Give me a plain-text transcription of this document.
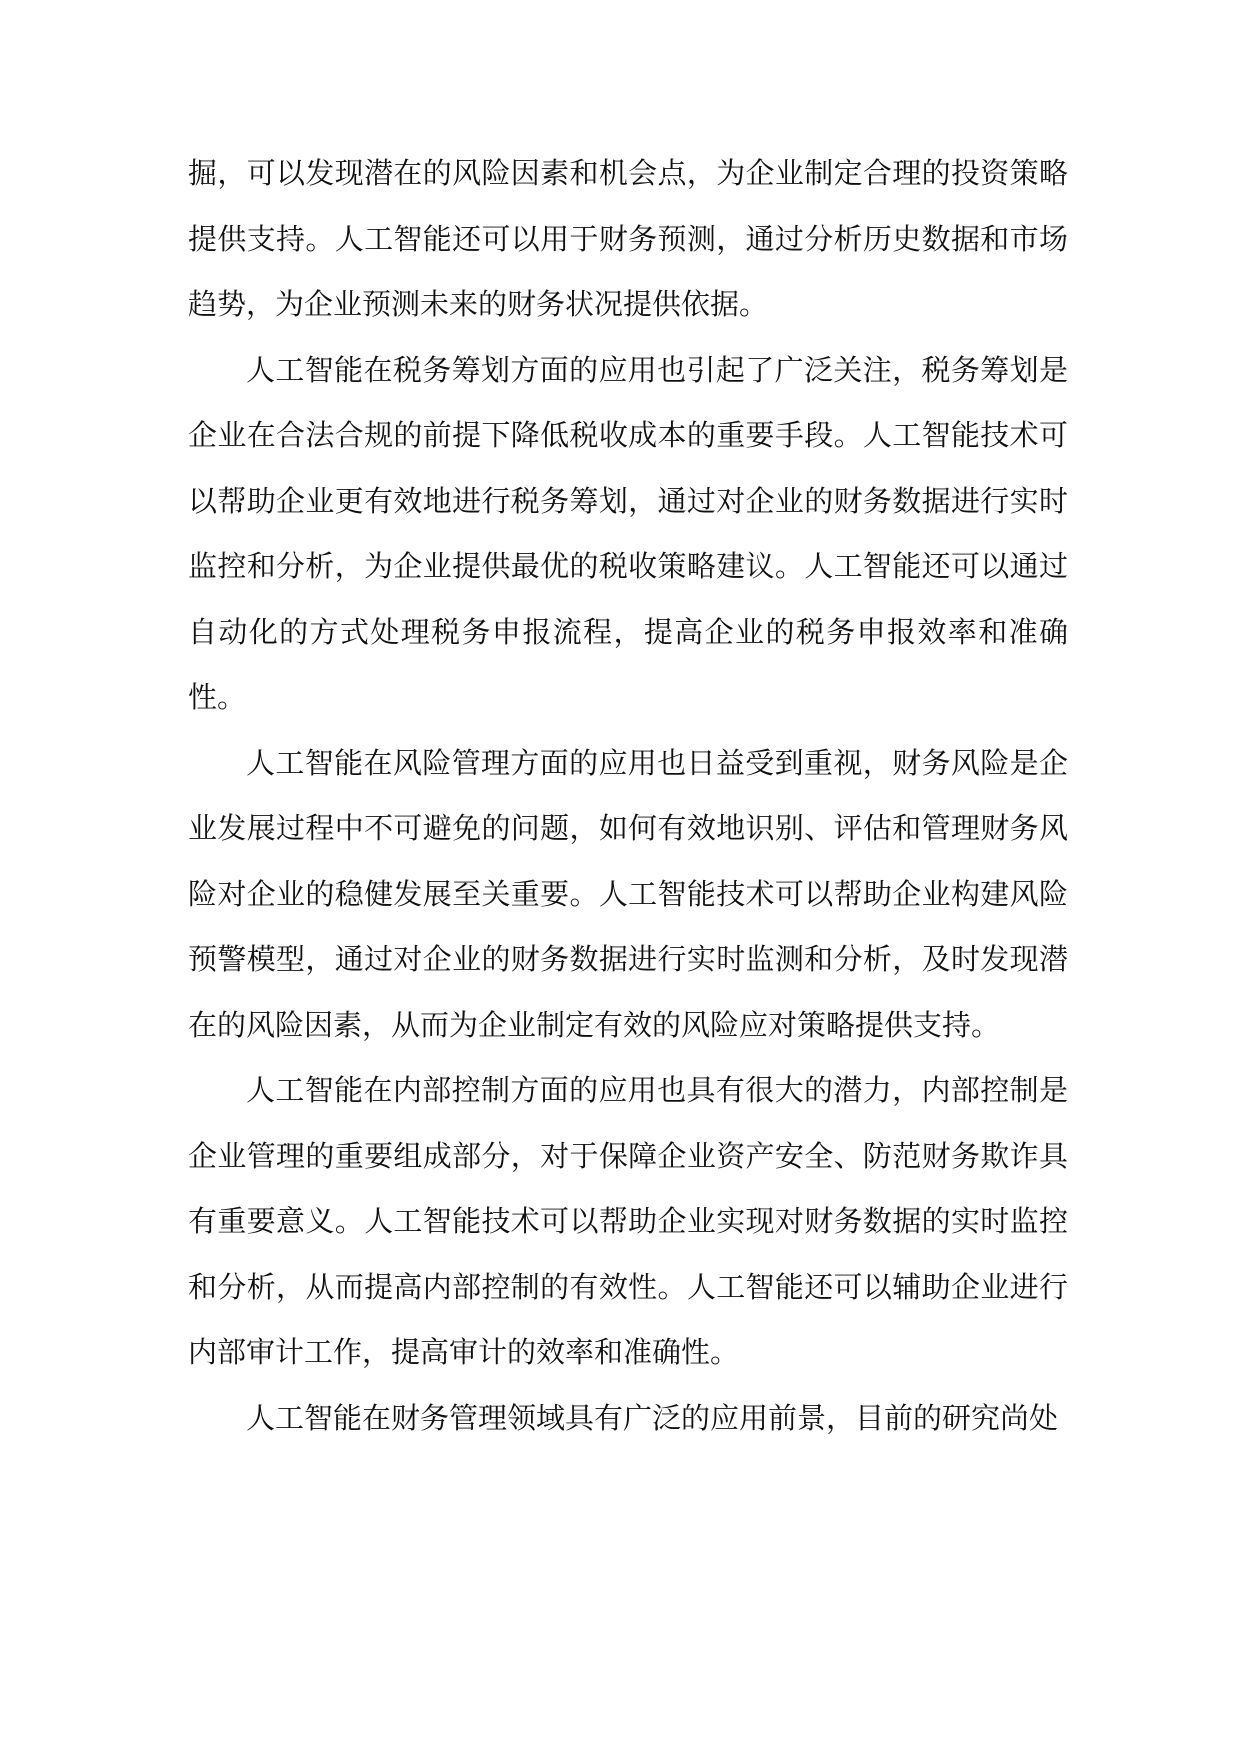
掘，可以发现潜在的风险因素和机会点，为企业制定合理的投资策略提供支持。人工智能还可以用于财务预测，通过分析历史数据和市场趋势，为企业预测未来的财务状况提供依据。

人工智能在税务筹划方面的应用也引起了广泛关注，税务筹划是企业在合法合规的前提下降低税收成本的重要手段。人工智能技术可以帮助企业更有效地进行税务筹划，通过对企业的财务数据进行实时监控和分析，为企业提供最优的税收策略建议。人工智能还可以通过自动化的方式处理税务申报流程，提高企业的税务申报效率和准确性。

人工智能在风险管理方面的应用也日益受到重视，财务风险是企业发展过程中不可避免的问题，如何有效地识别、评估和管理财务风险对企业的稳健发展至关重要。人工智能技术可以帮助企业构建风险预警模型，通过对企业的财务数据进行实时监测和分析，及时发现潜在的风险因素，从而为企业制定有效的风险应对策略提供支持。

人工智能在内部控制方面的应用也具有很大的潜力，内部控制是企业管理的重要组成部分，对于保障企业资产安全、防范财务欺诈具有重要意义。人工智能技术可以帮助企业实现对财务数据的实时监控和分析，从而提高内部控制的有效性。人工智能还可以辅助企业进行内部审计工作，提高审计的效率和准确性。

人工智能在财务管理领域具有广泛的应用前景，目前的研究尚处
